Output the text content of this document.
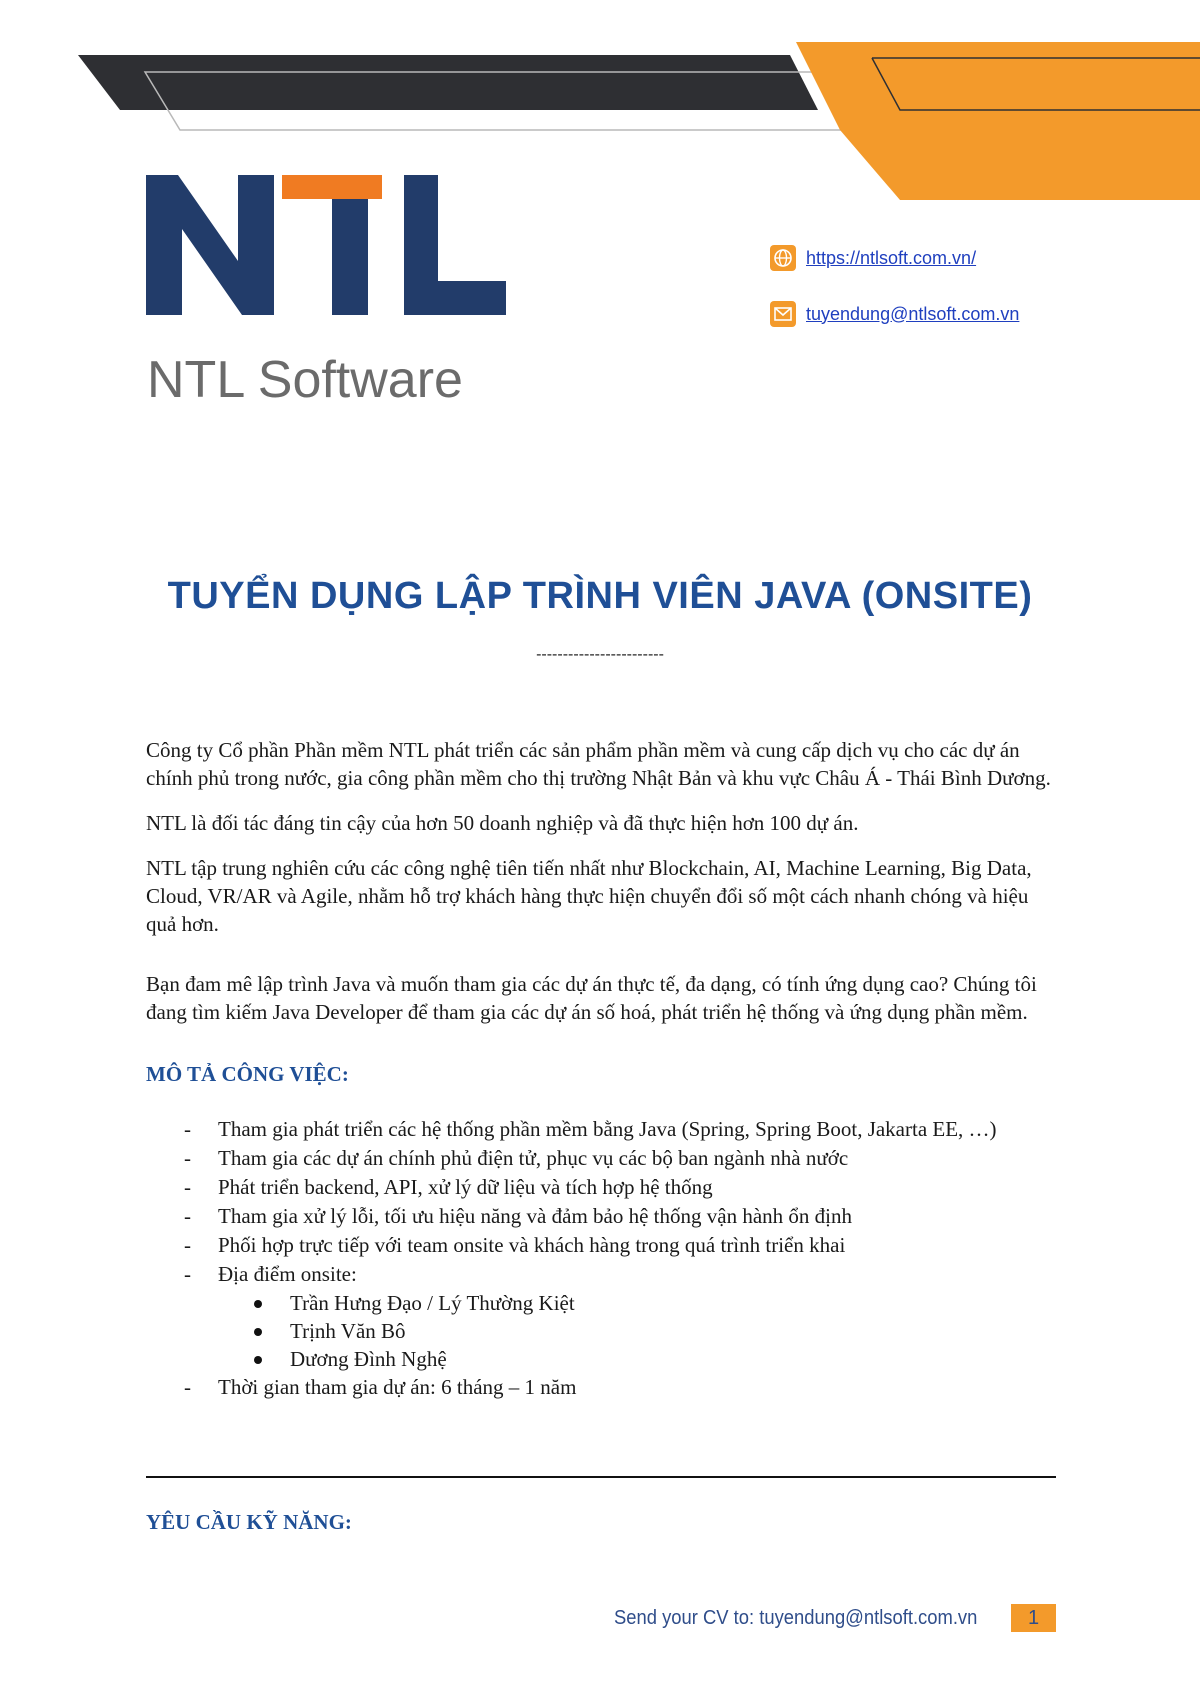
NTL Software
https://ntlsoft.com.vn/
tuyendung@ntlsoft.com.vn
TUYỂN DỤNG LẬP TRÌNH VIÊN JAVA (ONSITE)
------------------------

Công ty Cổ phần Phần mềm NTL phát triển các sản phẩm phần mềm và cung cấp dịch vụ cho các dự án chính phủ trong nước, gia công phần mềm cho thị trường Nhật Bản và khu vực Châu Á - Thái Bình Dương.

NTL là đối tác đáng tin cậy của hơn 50 doanh nghiệp và đã thực hiện hơn 100 dự án.

NTL tập trung nghiên cứu các công nghệ tiên tiến nhất như Blockchain, AI, Machine Learning, Big Data, Cloud, VR/AR và Agile, nhằm hỗ trợ khách hàng thực hiện chuyển đổi số một cách nhanh chóng và hiệu quả hơn.

Bạn đam mê lập trình Java và muốn tham gia các dự án thực tế, đa dạng, có tính ứng dụng cao? Chúng tôi đang tìm kiếm Java Developer để tham gia các dự án số hoá, phát triển hệ thống và ứng dụng phần mềm.

MÔ TẢ CÔNG VIỆC:
- Tham gia phát triển các hệ thống phần mềm bằng Java (Spring, Spring Boot, Jakarta EE, …)
- Tham gia các dự án chính phủ điện tử, phục vụ các bộ ban ngành nhà nước
- Phát triển backend, API, xử lý dữ liệu và tích hợp hệ thống
- Tham gia xử lý lỗi, tối ưu hiệu năng và đảm bảo hệ thống vận hành ổn định
- Phối hợp trực tiếp với team onsite và khách hàng trong quá trình triển khai
- Địa điểm onsite:
Trần Hưng Đạo / Lý Thường Kiệt
Trịnh Văn Bô
Dương Đình Nghệ
- Thời gian tham gia dự án: 6 tháng – 1 năm
YÊU CẦU KỸ NĂNG:
Send your CV to: tuyendung@ntlsoft.com.vn	1
